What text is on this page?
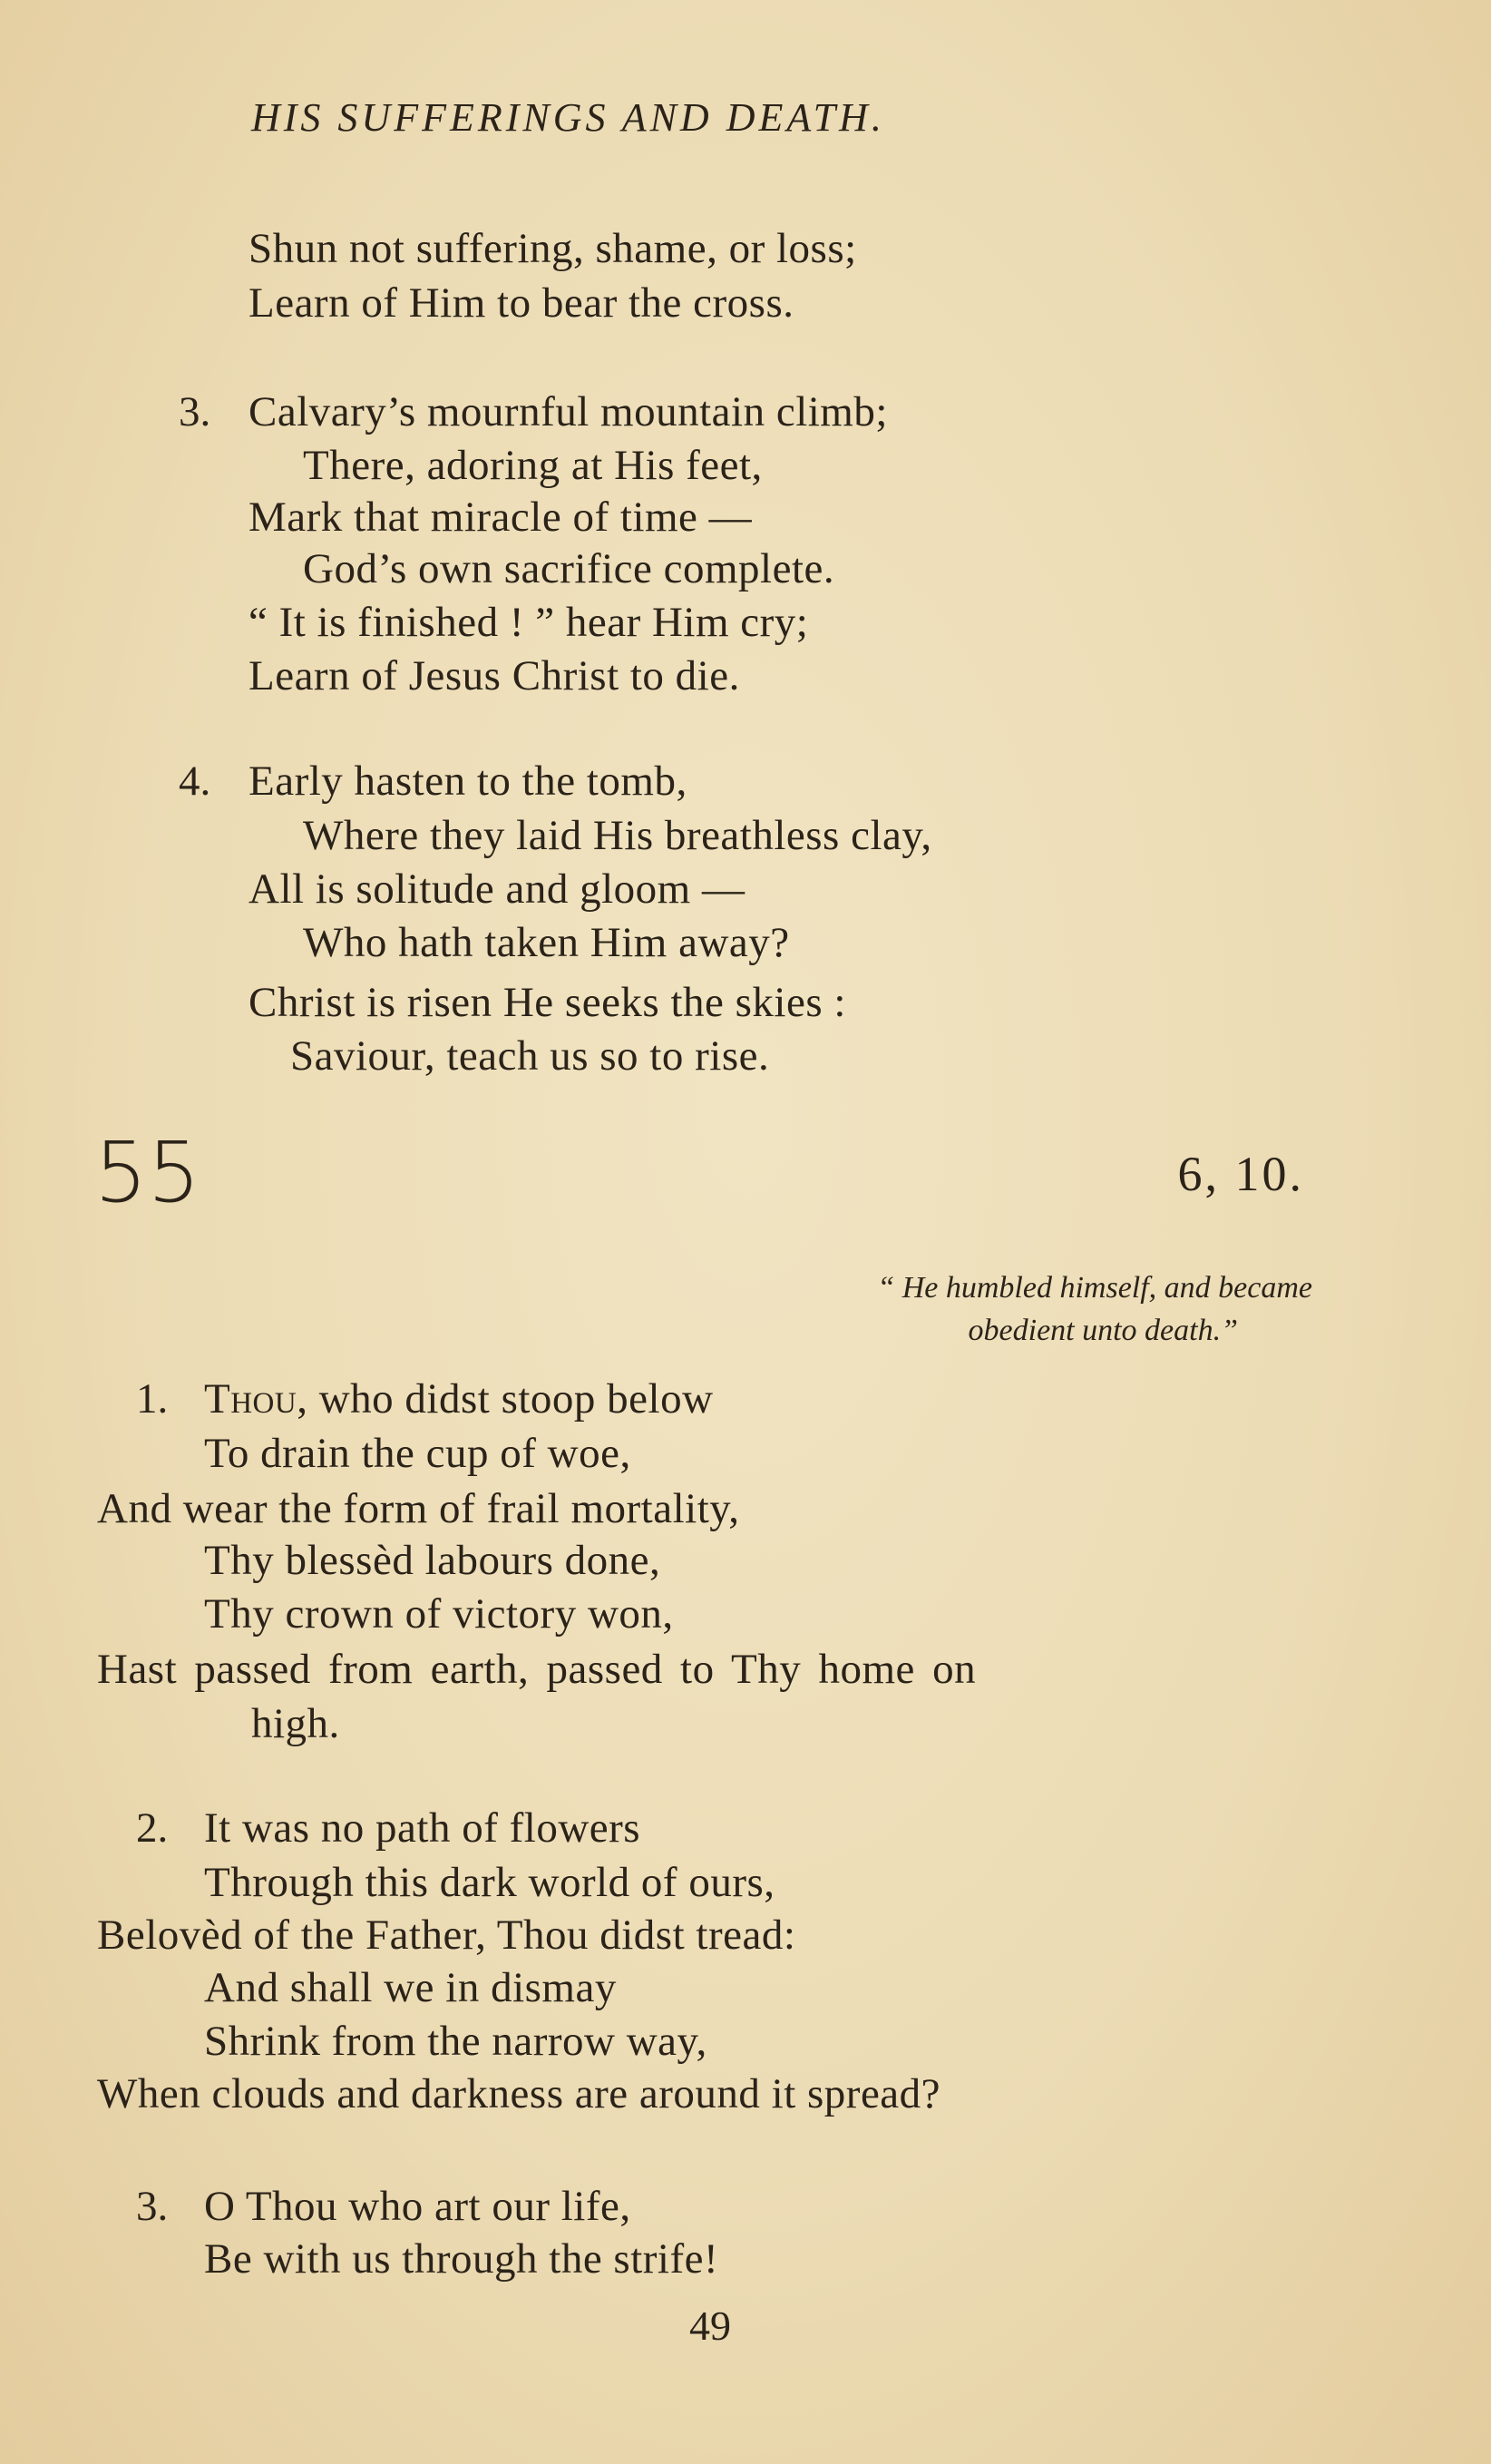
HIS SUFFERINGS AND DEATH.
Shun not suffering, shame, or loss;
Learn of Him to bear the cross.
3. Calvary’s mournful mountain climb;
There, adoring at His feet,
Mark that miracle of time —
God’s own sacrifice complete.
“ It is finished ! ” hear Him cry;
Learn of Jesus Christ to die.
4. Early hasten to the tomb,
Where they laid His breathless clay,
All is solitude and gloom —
Who hath taken Him away?
Christ is risen He seeks the skies :
Saviour, teach us so to rise.
55	6, 10.
“ He humbled himself, and became
obedient unto death.”
1. Thou, who didst stoop below
To drain the cup of woe,
And wear the form of frail mortality,
Thy blessèd labours done,
Thy crown of victory won,
Hast passed from earth, passed to Thy home on
high.
2. It was no path of flowers
Through this dark world of ours,
Belovèd of the Father, Thou didst tread:
And shall we in dismay
Shrink from the narrow way,
When clouds and darkness are around it spread?
3. O Thou who art our life,
Be with us through the strife!
49
